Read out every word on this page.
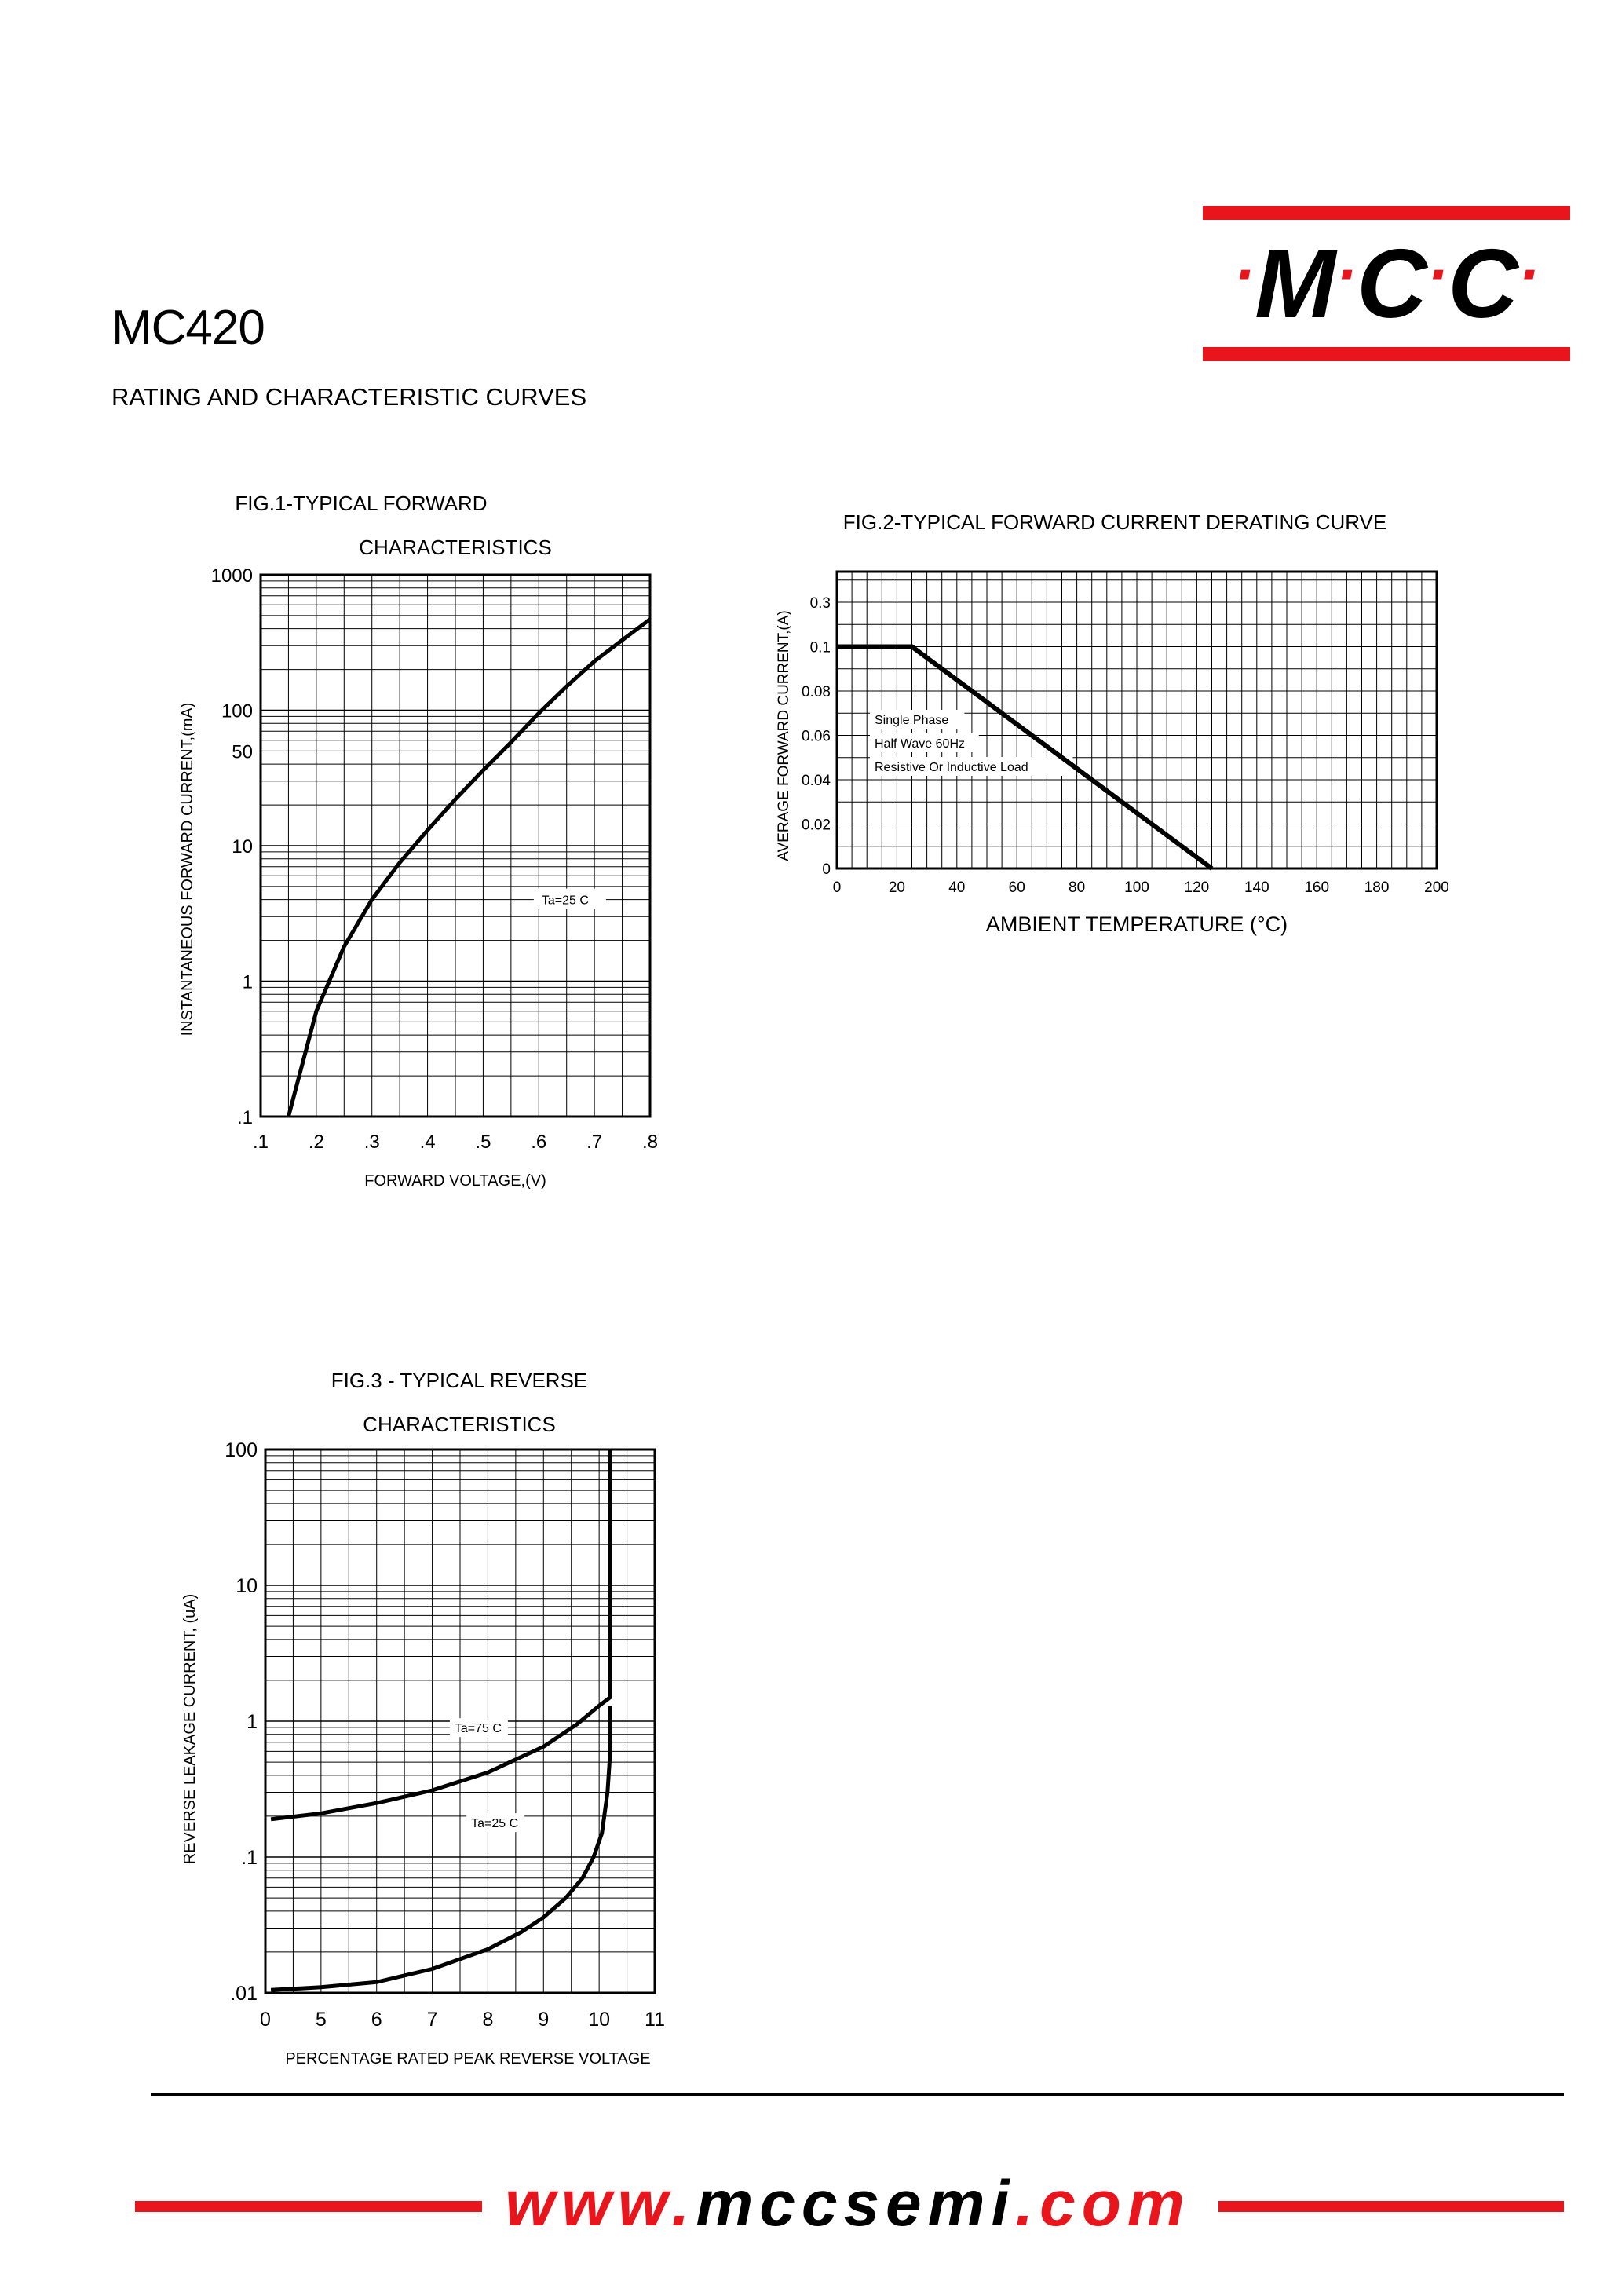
MC420
RATING AND CHARACTERISTIC CURVES
·M·C·C·
FIG.1-TYPICAL FORWARD
CHARACTERISTICS
.1 .2 .3 .4 .5 .6 .7 .8
.1
1
10
50
100
1000
FORWARD VOLTAGE,(V)
INSTANTANEOUS FORWARD CURRENT,(mA)	Ta=25 C
FIG.2-TYPICAL FORWARD CURRENT DERATING CURVE
0	20	40	60	80	100 120 140 160 180 200
0
0.02
0.04
0.06
0.08
0.1
0.3
AMBIENT TEMPERATURE (°C)
AVERAGE FORWARD CURRENT,(A)	Single Phase
Half Wave 60Hz
Resistive Or Inductive Load
FIG.3 - TYPICAL REVERSE
CHARACTERISTICS
0 5 6 7 8 9 10 11
.01
.1
1
10
100
PERCENTAGE RATED PEAK REVERSE VOLTAGE
REVERSE LEAKAGE CURRENT, (uA)	Ta=75 C
Ta=25 C
www.mccsemi.com
